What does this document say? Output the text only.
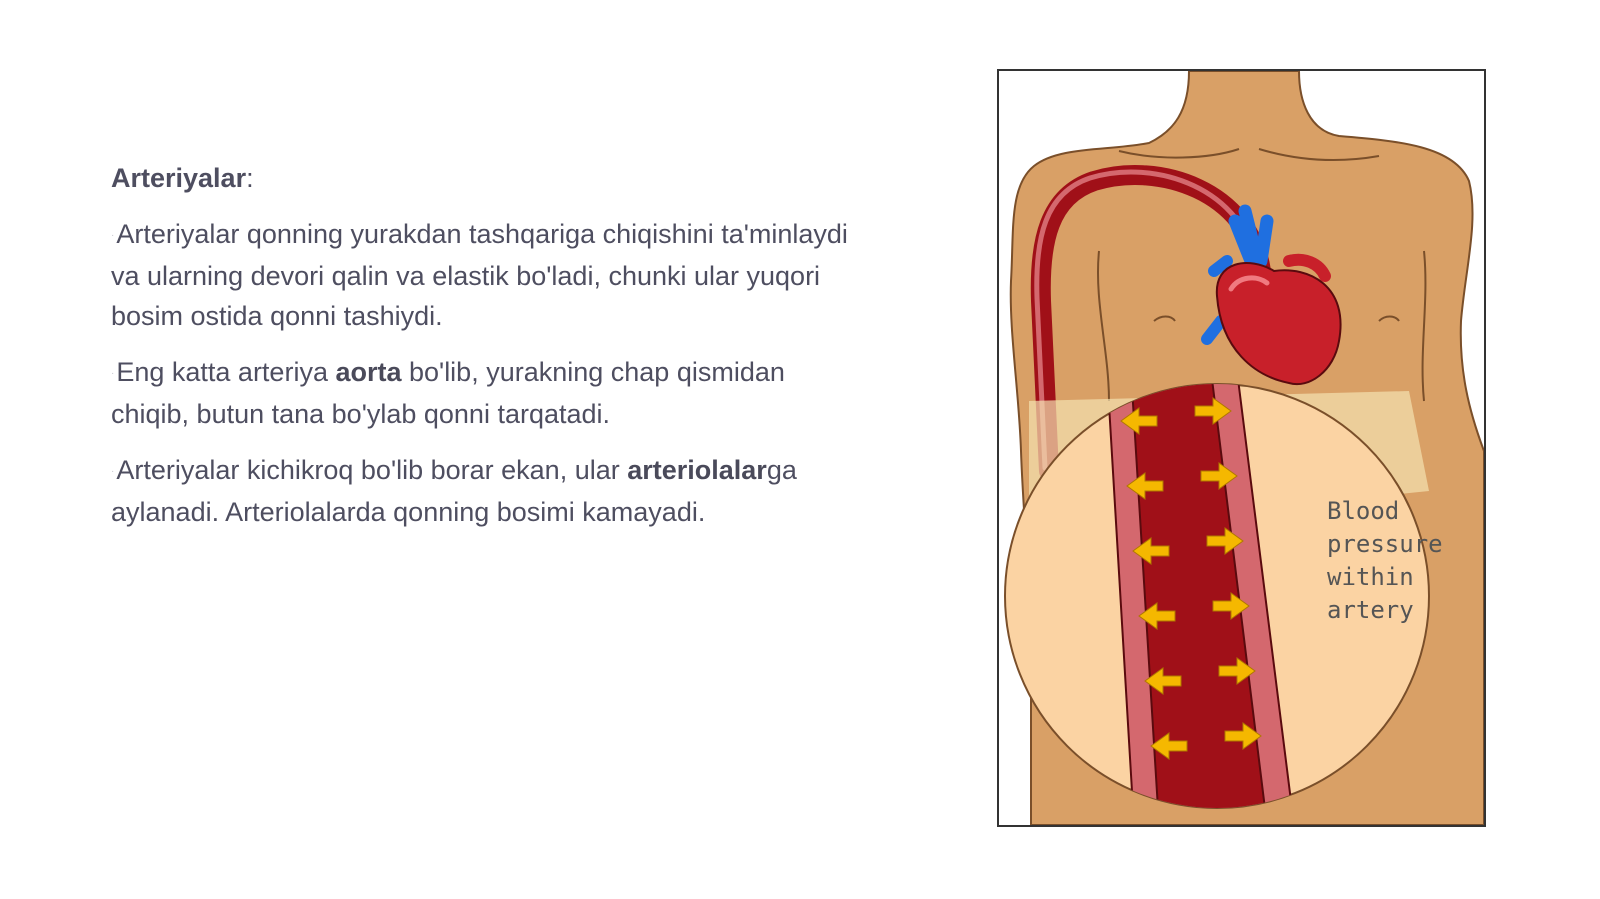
Arteriyalar:

·Arteriyalar qonning yurakdan tashqariga chiqishini ta'minlaydi va ularning devori qalin va elastik bo'ladi, chunki ular yuqori bosim ostida qonni tashiydi.

·Eng katta arteriya aorta bo'lib, yurakning chap qismidan chiqib, butun tana bo'ylab qonni tarqatadi.

·Arteriyalar kichikroq bo'lib borar ekan, ular arteriolalarga aylanadi. Arteriolalarda qonning bosimi kamayadi.	Blood
pressure
within
artery
